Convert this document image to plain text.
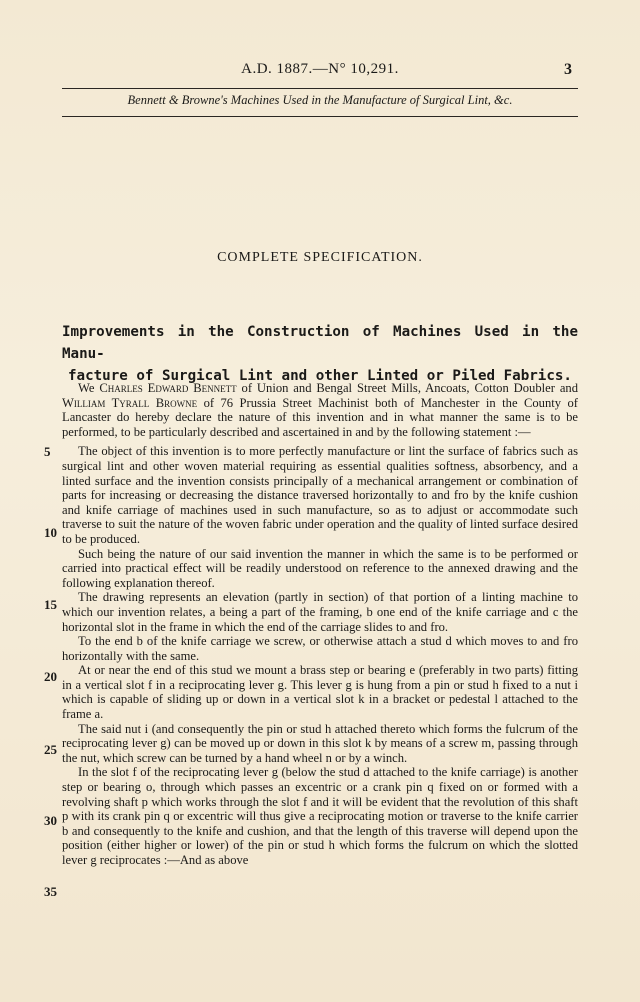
A.D. 1887.—N° 10,291.	3
Bennett & Browne's Machines Used in the Manufacture of Surgical Lint, &c.
COMPLETE SPECIFICATION.
Improvements in the Construction of Machines Used in the Manu-
facture of Surgical Lint and other Linted or Piled Fabrics.

We Charles Edward Bennett of Union and Bengal Street Mills, Ancoats, Cotton Doubler and William Tyrall Browne of 76 Prussia Street Machinist both of Manchester in the County of Lancaster do hereby declare the nature of this invention and in what manner the same is to be performed, to be particularly described and ascertained in and by the following statement :—

The object of this invention is to more perfectly manufacture or lint the surface of fabrics such as surgical lint and other woven material requiring as essential qualities softness, absorbency, and a linted surface and the invention consists principally of a mechanical arrangement or combination of parts for increasing or decreasing the distance traversed horizontally to and fro by the knife cushion and knife carriage of machines used in such manufacture, so as to adjust or accommodate such traverse to suit the nature of the woven fabric under operation and the quality of linted surface desired to be produced.

Such being the nature of our said invention the manner in which the same is to be performed or carried into practical effect will be readily understood on reference to the annexed drawing and the following explanation thereof.

The drawing represents an elevation (partly in section) of that portion of a linting machine to which our invention relates, a being a part of the framing, b one end of the knife carriage and c the horizontal slot in the frame in which the end of the carriage slides to and fro.

To the end b of the knife carriage we screw, or otherwise attach a stud d which moves to and fro horizontally with the same.

At or near the end of this stud we mount a brass step or bearing e (preferably in two parts) fitting in a vertical slot f in a reciprocating lever g. This lever g is hung from a pin or stud h fixed to a nut i which is capable of sliding up or down in a vertical slot k in a bracket or pedestal l attached to the frame a.

The said nut i (and consequently the pin or stud h attached thereto which forms the fulcrum of the reciprocating lever g) can be moved up or down in this slot k by means of a screw m, passing through the nut, which screw can be turned by a hand wheel n or by a winch.

In the slot f of the reciprocating lever g (below the stud d attached to the knife carriage) is another step or bearing o, through which passes an excentric or a crank pin q fixed on or formed with a revolving shaft p which works through the slot f and it will be evident that the revolution of this shaft p with its crank pin q or excentric will thus give a reciprocating motion or traverse to the knife carrier b and consequently to the knife and cushion, and that the length of this traverse will depend upon the position (either higher or lower) of the pin or stud h which forms the fulcrum on which the slotted lever g reciprocates :—And as above

5
10
15
20
25
30
35
